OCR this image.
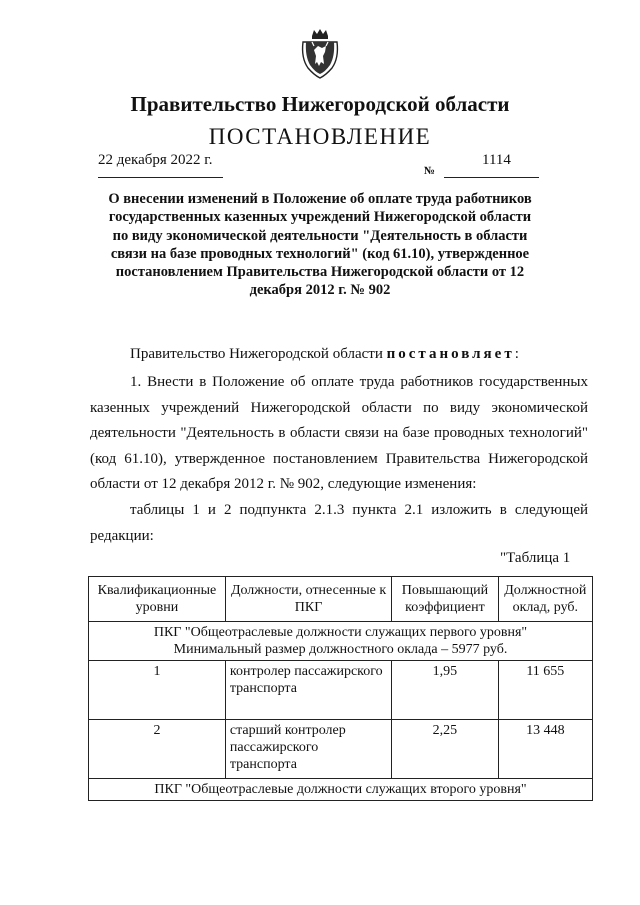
Правительство Нижегородской области
ПОСТАНОВЛЕНИЕ
22 декабря 2022 г.
№
1114
О внесении изменений в Положение об оплате труда работников государственных казенных учреждений Нижегородской области по виду экономической деятельности "Деятельность в области связи на базе проводных технологий" (код 61.10), утвержденное постановлением Правительства Нижегородской области от 12 декабря 2012 г. № 902
Правительство Нижегородской области постановляет:
1. Внести в Положение об оплате труда работников государственных казенных учреждений Нижегородской области по виду экономической деятельности "Деятельность в области связи на базе проводных технологий" (код 61.10), утвержденное постановлением Правительства Нижегородской области от 12 декабря 2012 г. № 902, следующие изменения:
таблицы 1 и 2 подпункта 2.1.3 пункта 2.1 изложить в следующей редакции:
"Таблица 1
Квалификационные уровни	Должности, отнесенные к ПКГ	Повышающий коэффициент	Должностной оклад, руб.

ПКГ "Общеотраслевые должности служащих первого уровня"
Минимальный размер должностного оклада – 5977 руб.			

1	контролер пассажирского транспорта	1,95	11 655
2	старший контролер пассажирского транспорта	2,25	13 448
ПКГ "Общеотраслевые должности служащих второго уровня"			
